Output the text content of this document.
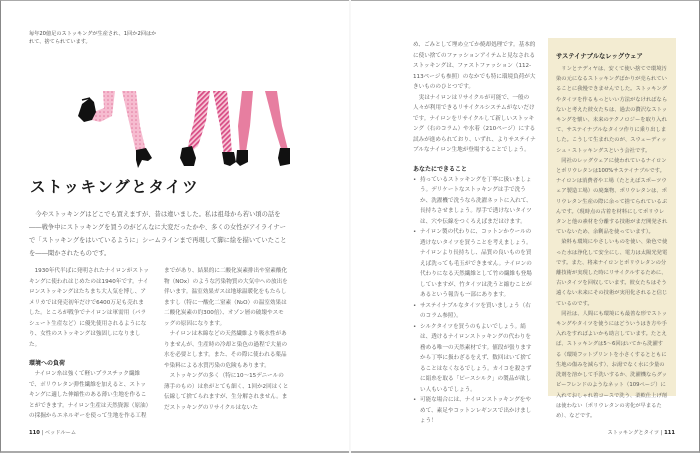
毎年20億足のストッキングが生産され、1回か2回はかれて、捨てられています。
ストッキングとタイツ

今やストッキングはどこでも買えますが、昔は違いました。私は祖母から若い頃の話を――戦争中にストッキングを買うのがどんなに大変だったかや、多くの女性がアイライナーで「ストッキングをはいているように」シームラインまで再現して脚に絵を描いていたことを――聞かされたものです。

1930年代半ばに発明されたナイロンがストッキングに使われはじめたのは1940年です。ナイロンストッキングはたちまち大人気を博し、アメリカでは発売初年だけで6400万足も売れました。ところが戦争でナイロンは軍需用（パラシュート生産など）に優先使用されるようになり、女性のストッキングは強固しになりました。

環境への負荷

ナイロン糸は強くて軽いプラスチック繊維で、ポリウレタン弾性繊維を加えると、ストッキングに適した伸縮性のある薄い生地を作ることができます。ナイロン生産は天然資源（原油）の採掘からエネルギーを使って生地を作る工程

までがあり、結果的に二酸化炭素排出や窒素酸化物（NOx）のような汚染物質の大気中への放出を伴います。温室効果ガスは地球温暖化をもたらしますし（特に一酸化二窒素（N₂O）の温室効果は二酸化炭素の約300倍）、オゾン層の破壊やスモッグの原因になります。

ナイロンは木綿などの天然繊維より吸水性がありませんが、生産時の冷却と染色の過程で大量の水を必要とします。また、その際に使われる薬品や染料による水質汚染の危険もあります。

ストッキングの多く（特に10～15デニールの薄手のもの）は糸がとても細く、1回か2回はくと伝線して捨てられますが、生分解されません。まだストッキングのリサイクルはないた

110 | ベッドルーム

め、ごみとして埋め立てか焼却処理です。基本的に使い捨てのファッションアイテムと見なされるストッキングは、ファストファッション（112-113ページも参照）のなかでも特に環境負荷が大きいもののひとつです。

実はナイロンはリサイクルが可能で、一般の人々が利用できるリサイクルシステムがないだけです。ナイロンをリサイクルして新しいストッキング（右のコラム）や水着（210ページ）にする試みが進められており、いずれ、よりサステイナブルなナイロン生地が登場することでしょう。

あなたにできること
• 持っているストッキングを丁寧に扱いましょう。デリケートなストッキングは手で洗うか、洗濯機で洗うなら洗濯ネットに入れて、長持ちさせましょう。厚手で透けないタイツは、穴や伝線をつくろえばまだはけます。
• ナイロン製の代わりに、コットンかウールの透けないタイツを買うことを考えましょう。ナイロンより長持ちし、品質の良いものを買えば洗っても毛玉ができません。ナイロンの代わりになる天然繊維として竹の繊維も登場していますが、竹タイツは洗うと縮むことがあるという報告も一部にあります。
• サステイナブルなタイツを買いましょう（右のコラム参照）。
• シルクタイツを買うのもよいでしょう。絹は、透けるナイロンストッキングの代わりを務める唯一の天然素材です。値段が張りますから丁寧に扱わざるをえず、数回はいて捨てることはなくなるでしょう。カイコを殺さずに絹糸を取る「ピースシルク」の製品が欲しい人もいるでしょう。
• 可能な場合には、ナイロンストッキングをやめて、素足やコットンレギンスで出かけましょう！
サステイナブルなレッグウェア

リンとナディヤは、安くて使い捨てで環境汚染の元になるストッキングばかりが売られていることに我慢できませんでした。ストッキングやタイツを作るもっといい方法がなければならないと考えた彼女たちは、過去の贅沢なストッキングを懐い、未来のテクノロジーを取り入れて、サステイナブルなタイツ作りに乗り出しました。こうして生まれたのが、スウェーディッシュ・ストッキングスという会社です。

同社のレッグウェアに使われているナイロンとポリウレタンは100%サステイナブルです。ナイロンは消費者や工場（たとえばスポーツウェア製造工場）の廃棄物、ポリウレタンは、ポリウレタン生産の際に余って捨てられているぶんです。（現時点の古着を材料にしてポリウレタンと他の素材を分離する技術がまだ開発されていないため、余剰品を使っています）。

染料も環境にやさしいものを使い、染色で使った水は浄化して安全にし、電力は太陽光発電です。また、将来ナイロンとポリウレタンの分離技術が実現した時にリサイクルするために、古いタイツを回収しています。彼女たちはそう遠くない未来にその技術が実用化されると信じているのです。

同社は、人間にも環境にも最善な形でストッキングやタイツを使うにはどういうはき方や手入れをすればよいかも助言しています。たとえば、ストッキングは5～6回はいてから洗濯する（環境フットプリントを小さくするとともに生地の傷みを減らす）、お湯でなく水に少量の洗剤を溶かして手洗いするか、洗濯機ならグッピーフレンドのようなネット（109ページ）に入れておしゃれ着コースで洗う、柔軟仕上げ剤は使わない（ポリウレタンの劣化が早まるため）、などです。

ストッキングとタイツ | 111
